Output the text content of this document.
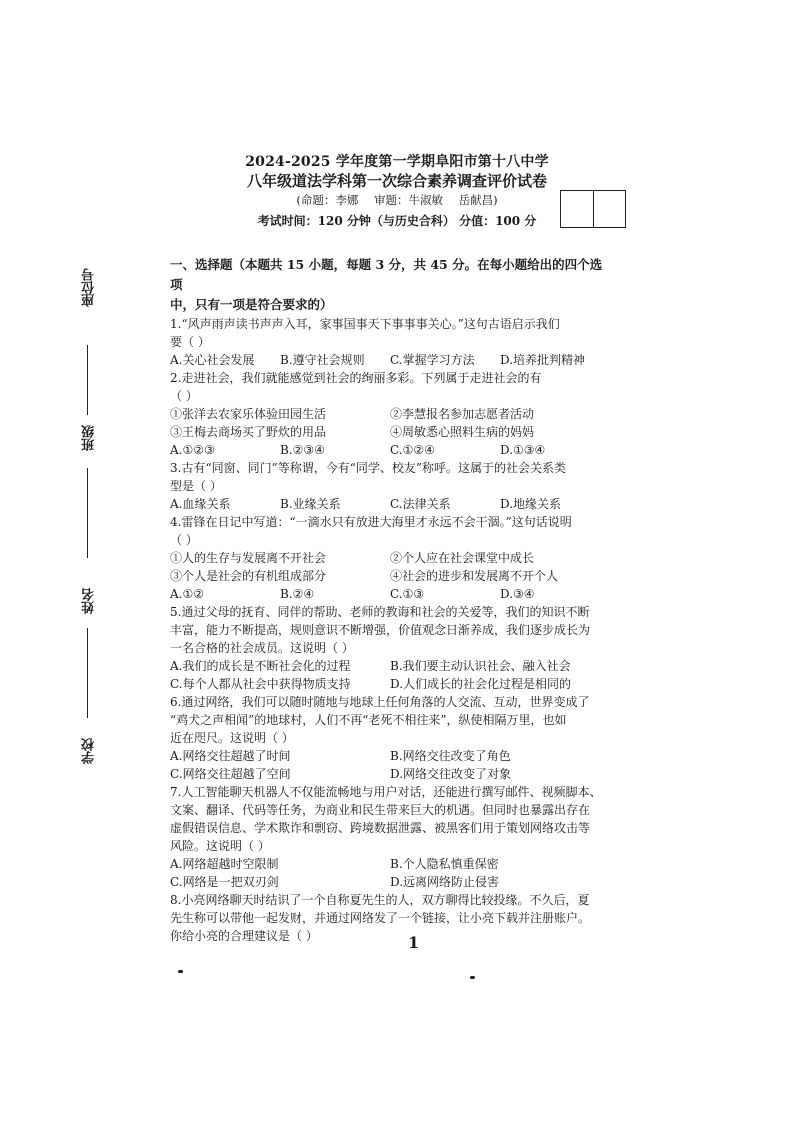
2024-2025 学年度第一学期阜阳市第十八中学
八年级道法学科第一次综合素养调查评价试卷
(命题：李娜 审题：牛淑敏 岳献昌)
考试时间：120 分钟（与历史合科） 分值：100 分
座位号
班级
姓名
学校
一、选择题（本题共 15 小题，每题 3 分，共 45 分。在每小题给出的四个选项
中，只有一项是符合要求的）
1.“风声雨声读书声声入耳，家事国事天下事事事关心。”这句古语启示我们
要（ ）
A.关心社会发展	B.遵守社会规则	C.掌握学习方法	D.培养批判精神
2.走进社会，我们就能感觉到社会的绚丽多彩。下列属于走进社会的有
（ ）
①张洋去农家乐体验田园生活	②李慧报名参加志愿者活动
③王梅去商场买了野炊的用品	④周敏悉心照料生病的妈妈
A.①②③	B.②③④	C.①②④	D.①③④
3.古有“同窗、同门”等称谓，今有“同学、校友”称呼。这属于的社会关系类
型是（ ）
A.血缘关系	B.业缘关系	C.法律关系	D.地缘关系
4.雷锋在日记中写道：“一滴水只有放进大海里才永远不会干涸。”这句话说明
（ ）
①人的生存与发展离不开社会	②个人应在社会课堂中成长
③个人是社会的有机组成部分	④社会的进步和发展离不开个人
A.①②	B.②④	C.①③	D.③④
5.通过父母的抚育、同伴的帮助、老师的教诲和社会的关爱等，我们的知识不断
丰富，能力不断提高，规则意识不断增强，价值观念日渐养成，我们逐步成长为
一名合格的社会成员。这说明（ ）
A.我们的成长是不断社会化的过程	B.我们要主动认识社会、融入社会
C.每个人都从社会中获得物质支持	D.人们成长的社会化过程是相同的
6.通过网络，我们可以随时随地与地球上任何角落的人交流、互动，世界变成了
“鸡犬之声相闻”的地球村，人们不再“老死不相往来”，纵使相隔万里，也如
近在咫尺。这说明（ ）
A.网络交往超越了时间	B.网络交往改变了角色
C.网络交往超越了空间	D.网络交往改变了对象
7.人工智能聊天机器人不仅能流畅地与用户对话，还能进行撰写邮件、视频脚本、
文案、翻译、代码等任务，为商业和民生带来巨大的机遇。但同时也暴露出存在
虚假错误信息、学术欺诈和剽窃、跨境数据泄露、被黑客们用于策划网络攻击等
风险。这说明（ ）
A.网络超越时空限制	B.个人隐私慎重保密
C.网络是一把双刃剑	D.远离网络防止侵害
8.小亮网络聊天时结识了一个自称夏先生的人，双方聊得比较投缘。不久后，夏
先生称可以带他一起发财，并通过网络发了一个链接，让小亮下载并注册账户。
你给小亮的合理建议是（ ）	1
